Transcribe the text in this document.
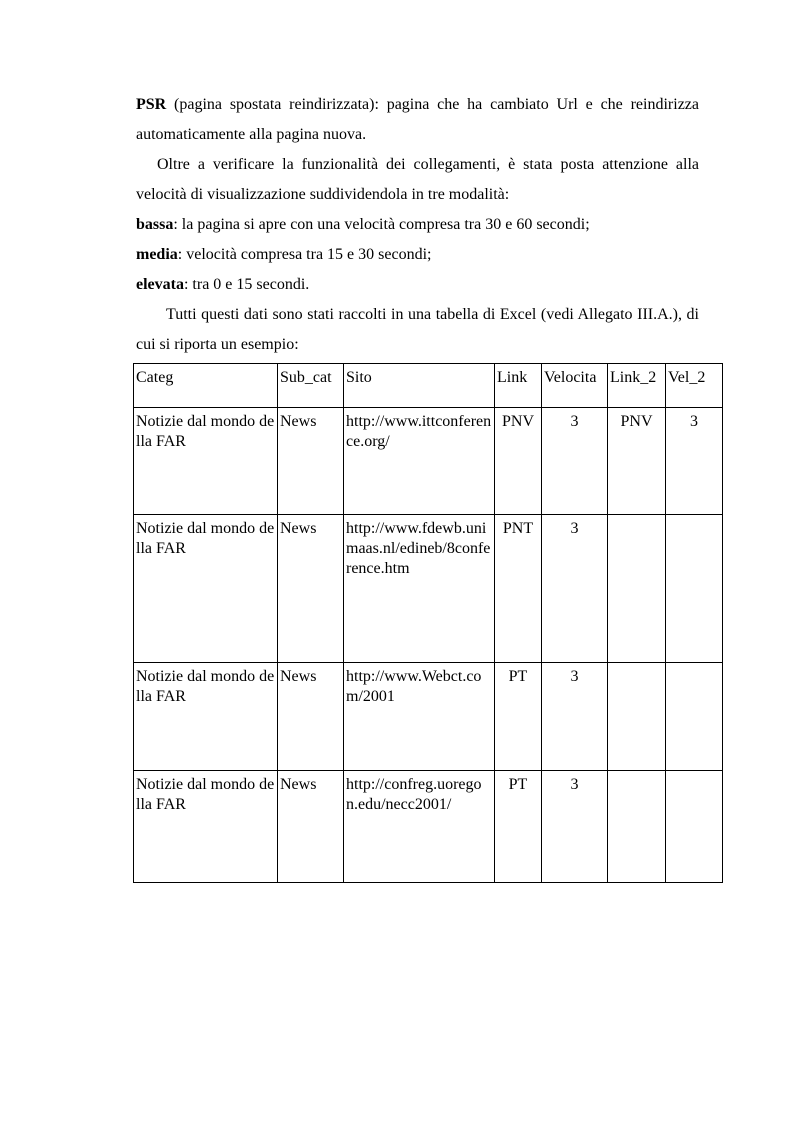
PSR (pagina spostata reindirizzata): pagina che ha cambiato Url e che reindirizza automaticamente alla pagina nuova.

Oltre a verificare la funzionalità dei collegamenti, è stata posta attenzione alla velocità di visualizzazione suddividendola in tre modalità:

bassa: la pagina si apre con una velocità compresa tra 30 e 60 secondi;

media: velocità compresa tra 15 e 30 secondi;

elevata: tra 0 e 15 secondi.

Tutti questi dati sono stati raccolti in una tabella di Excel (vedi Allegato III.A.), di cui si riporta un esempio:

Categ	Sub_cat	Sito	Link	Velocita	Link_2	Vel_2
Notizie dal mondo della FAR	News	http://www.ittconference.org/	PNV	3	PNV	3
Notizie dal mondo della FAR	News	http://www.fdewb.unimaas.nl/edineb/8conference.htm	PNT	3		
Notizie dal mondo della FAR	News	http://www.Webct.com/2001	PT	3		
Notizie dal mondo della FAR	News	http://confreg.uoregon.edu/necc2001/	PT	3		
